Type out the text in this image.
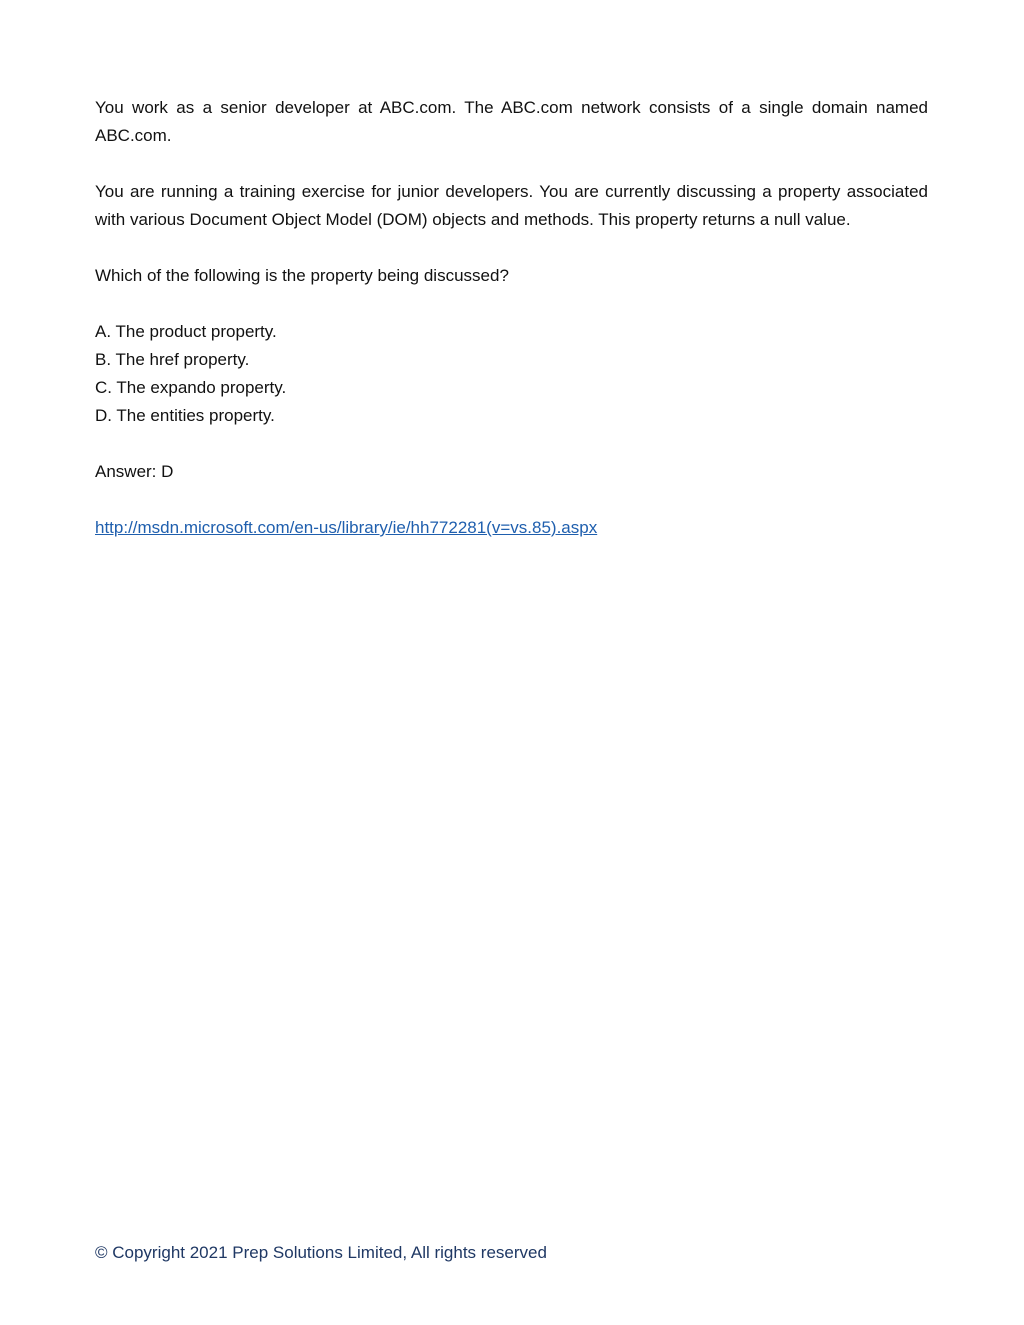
You work as a senior developer at ABC.com. The ABC.com network consists of a single domain named ABC.com.

You are running a training exercise for junior developers. You are currently discussing a property associated with various Document Object Model (DOM) objects and methods. This property returns a null value.

Which of the following is the property being discussed?

A. The product property.
B. The href property.
C. The expando property.
D. The entities property.

Answer: D

http://msdn.microsoft.com/en-us/library/ie/hh772281(v=vs.85).aspx

© Copyright 2021 Prep Solutions Limited, All rights reserved
